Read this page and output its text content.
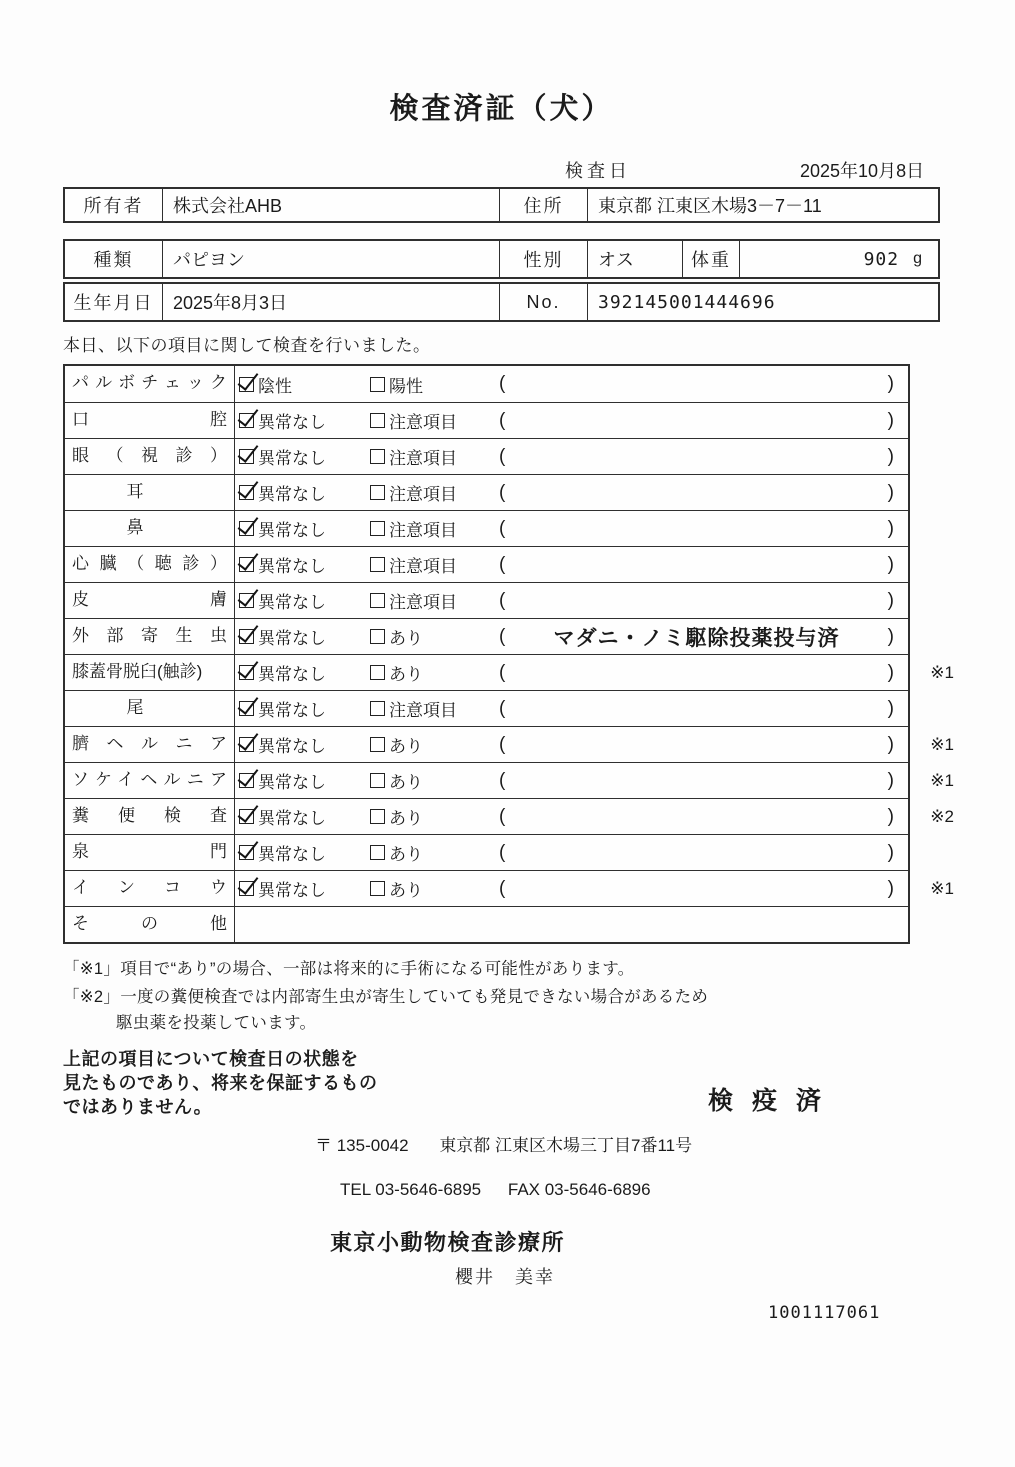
検査済証（犬）
検査日	2025年10月8日
所有者	株式会社AHB	住所	東京都 江東区木場3－7－11
種類	パピヨン	性別	オス	体重	902 g
生年月日	2025年8月3日	No.	392145001444696
本日、以下の項目に関して検査を行いました。
パルボチェック	陰性	陽性	(	)
口腔	異常なし	注意項目 (	)
眼（視診）	異常なし	注意項目 (	)
耳	異常なし	注意項目 (	)
鼻	異常なし	注意項目 (	)
心臓（聴診）	異常なし	注意項目 (	)
皮膚	異常なし	注意項目 (	)
外部寄生虫	異常なし	あり	(	マダニ・ノミ駆除投薬投与済	)
膝蓋骨脱臼(触診)	異常なし	あり	(	) ※1
尾	異常なし	注意項目 (	)
臍ヘルニア	異常なし	あり	(	) ※1
ソケイヘルニア	異常なし	あり	(	) ※1
糞便検査	異常なし	あり	(	) ※2
泉門	異常なし	あり	(	)
インコウ	異常なし	あり	(	) ※1
その他
「※1」項目で“あり”の場合、一部は将来的に手術になる可能性があります。
「※2」一度の糞便検査では内部寄生虫が寄生していても発見できない場合があるため
駆虫薬を投薬しています。
上記の項目について検査日の状態を
見たものであり、将来を保証するもの
ではありません。	検 疫 済
〒 135-0042 東京都 江東区木場三丁目7番11号
TEL 03-5646-6895 FAX 03-5646-6896
東京小動物検査診療所
櫻井　美幸
1001117061
